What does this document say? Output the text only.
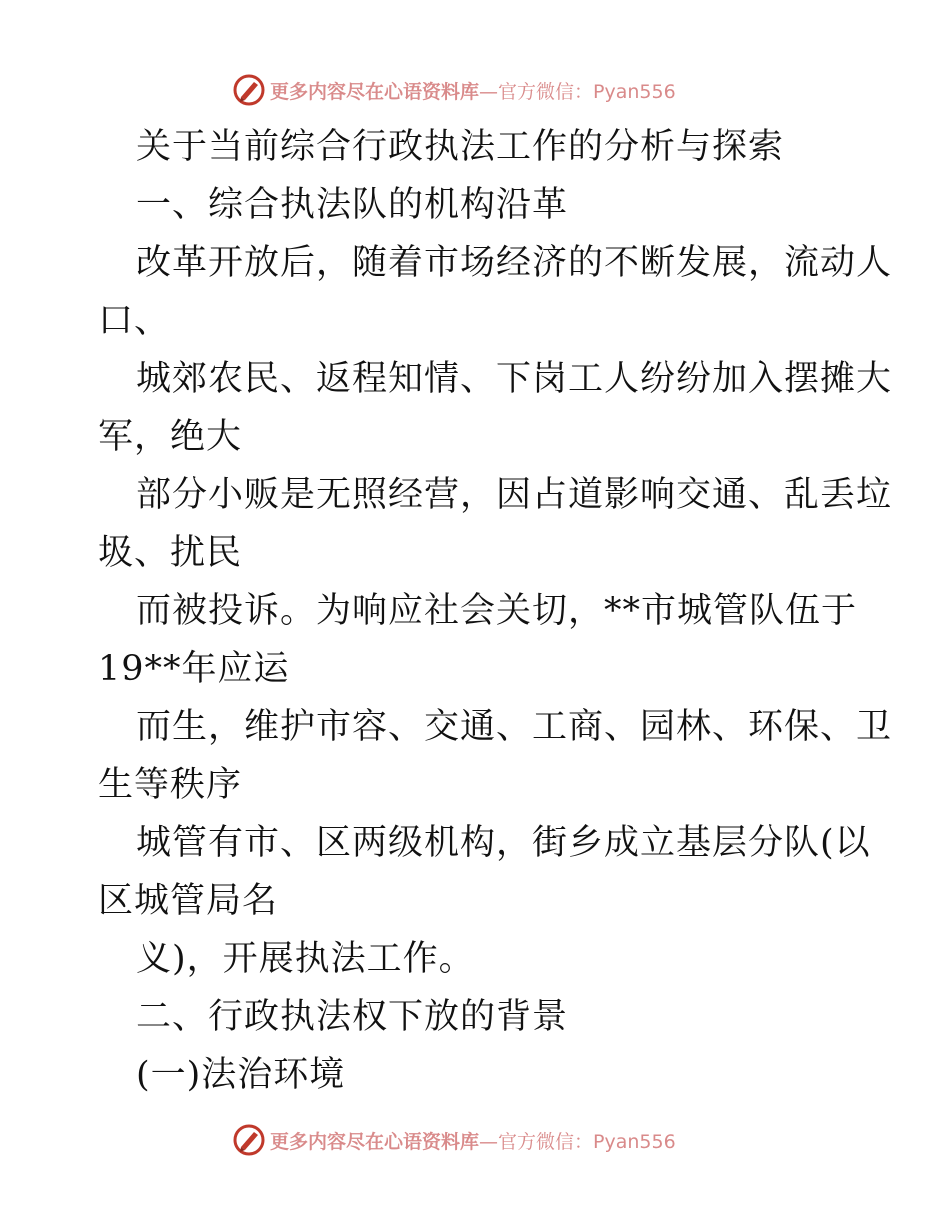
更多内容尽在心语资料库 —官方微信：Pyan556
关于当前综合行政执法工作的分析与探索
一、综合执法队的机构沿革
改革开放后，随着市场经济的不断发展，流动人
口、
城郊农民、返程知情、下岗工人纷纷加入摆摊大
军，绝大
部分小贩是无照经营，因占道影响交通、乱丢垃
圾、扰民
而被投诉。为响应社会关切，**市城管队伍于
19**年应运
而生，维护市容、交通、工商、园林、环保、卫
生等秩序
城管有市、区两级机构，街乡成立基层分队(以
区城管局名
义)，开展执法工作。
二、行政执法权下放的背景
(一)法治环境
更多内容尽在心语资料库 —官方微信：Pyan556
